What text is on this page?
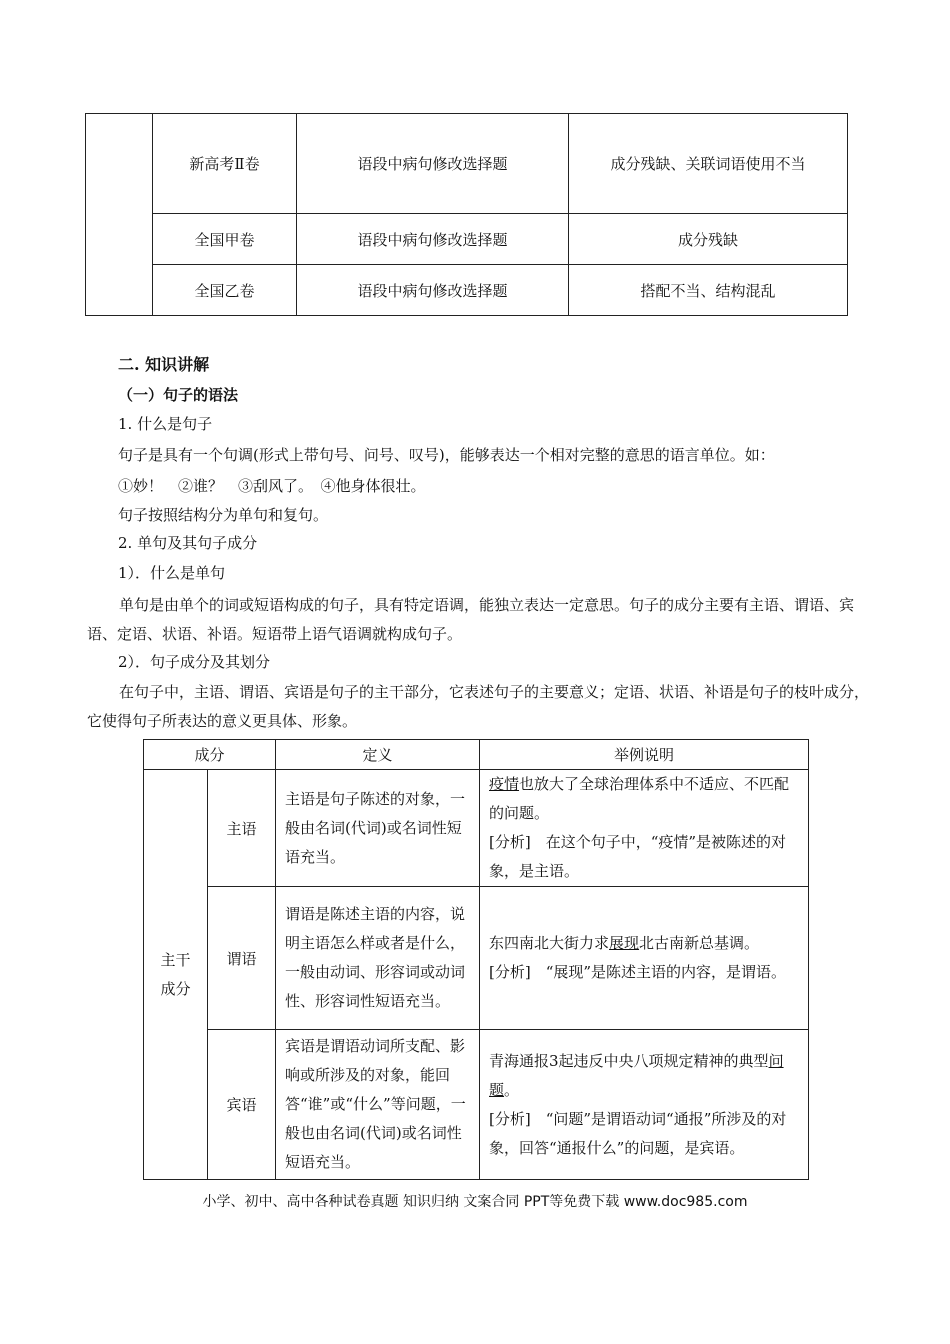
	新高考Ⅱ卷	语段中病句修改选择题	成分残缺、关联词语使用不当
	全国甲卷	语段中病句修改选择题	成分残缺
	全国乙卷	语段中病句修改选择题	搭配不当、结构混乱
二. 知识讲解
（一）句子的语法
1. 什么是句子
句子是具有一个句调(形式上带句号、问号、叹号)，能够表达一个相对完整的意思的语言单位。如：
①妙！　②谁？　③刮风了。　④他身体很壮。
句子按照结构分为单句和复句。
2. 单句及其句子成分
1）．什么是单句
单句是由单个的词或短语构成的句子，具有特定语调，能独立表达一定意思。句子的成分主要有主语、谓语、宾语、定语、状语、补语。短语带上语气语调就构成句子。
2）．句子成分及其划分
在句子中，主语、谓语、宾语是句子的主干部分，它表述句子的主要意义；定语、状语、补语是句子的枝叶成分，它使得句子所表达的意义更具体、形象。
成分		定义	举例说明
主干
成分	主语	主语是句子陈述的对象，一般由名词(代词)或名词性短语充当。	疫情也放大了全球治理体系中不适应、不匹配的问题。
[分析]　在这个句子中，“疫情”是被陈述的对象，是主语。
	谓语	谓语是陈述主语的内容，说明主语怎么样或者是什么，一般由动词、形容词或动词性、形容词性短语充当。	东四南北大街力求展现北古南新总基调。
[分析]　“展现”是陈述主语的内容，是谓语。
	宾语	宾语是谓语动词所支配、影响或所涉及的对象，能回答“谁”或“什么”等问题，一般也由名词(代词)或名词性短语充当。	青海通报3起违反中央八项规定精神的典型问题。
[分析]　“问题”是谓语动词“通报”所涉及的对象，回答“通报什么”的问题，是宾语。
小学、初中、高中各种试卷真题 知识归纳 文案合同 PPT等免费下载 www.doc985.com
